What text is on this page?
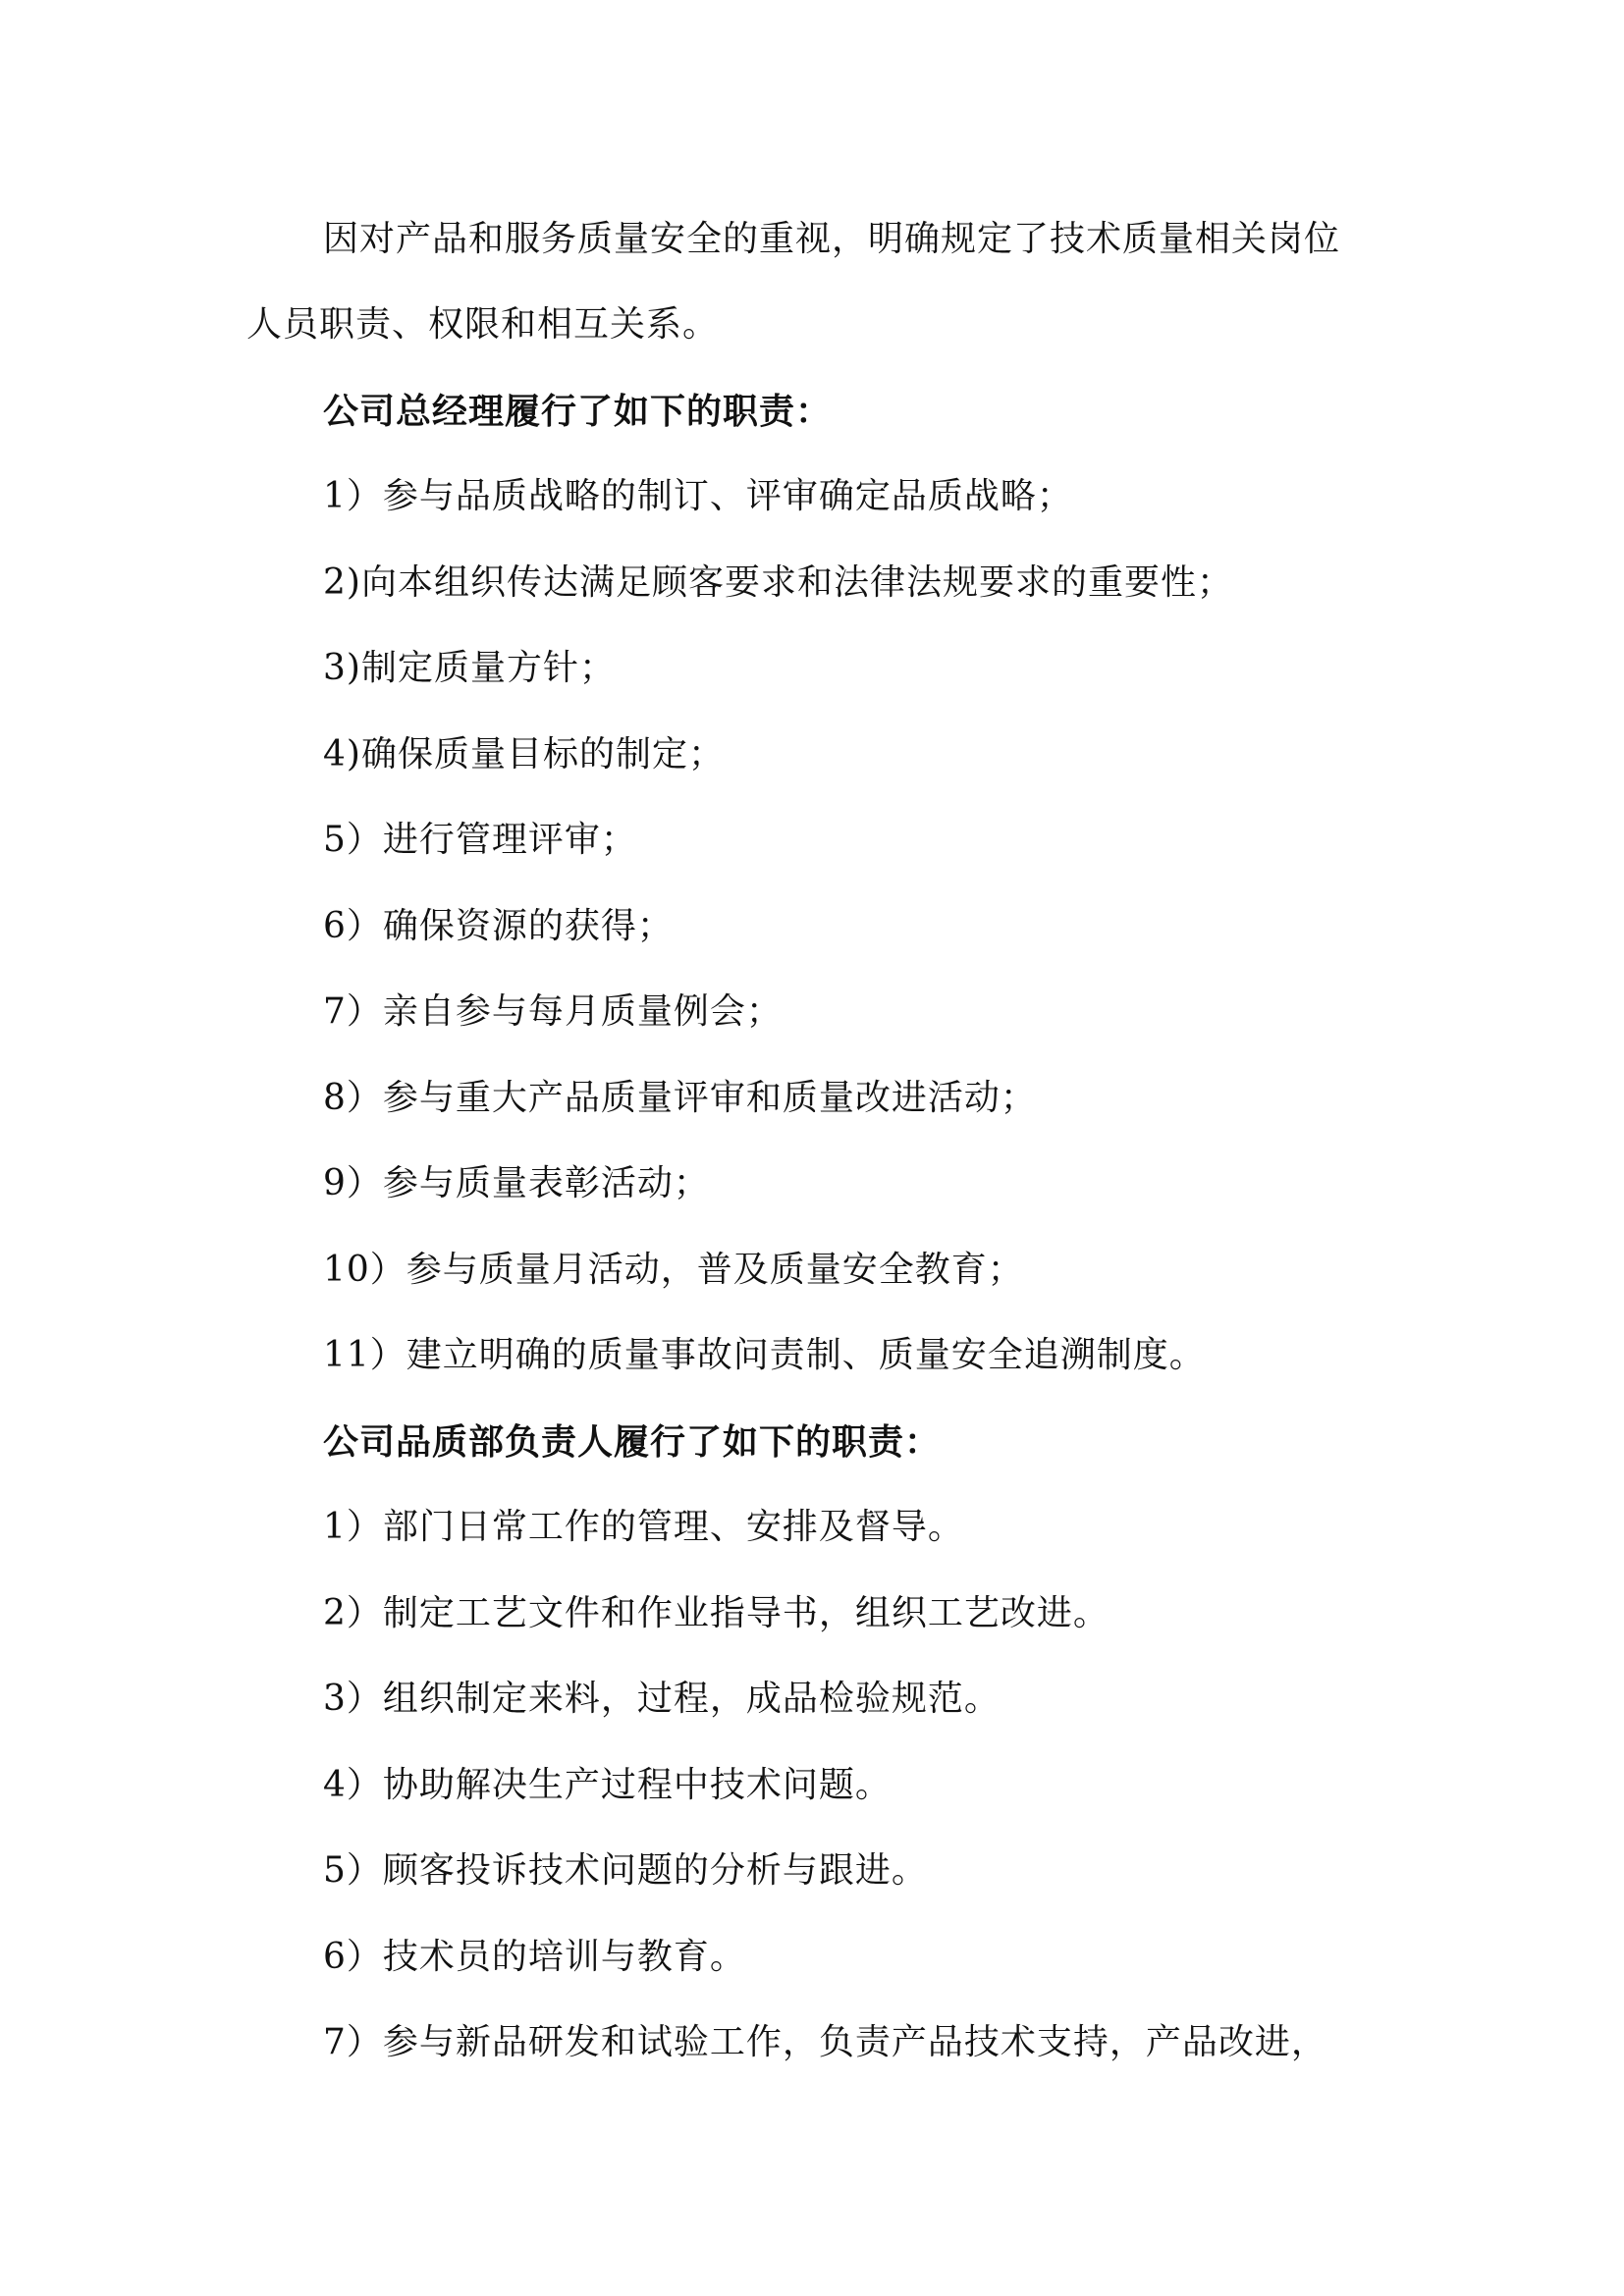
因对产品和服务质量安全的重视，明确规定了技术质量相关岗位
人员职责、权限和相互关系。
公司总经理履行了如下的职责：
1）参与品质战略的制订、评审确定品质战略；
2)向本组织传达满足顾客要求和法律法规要求的重要性；
3)制定质量方针；
4)确保质量目标的制定；
5）进行管理评审；
6）确保资源的获得；
7）亲自参与每月质量例会；
8）参与重大产品质量评审和质量改进活动；
9）参与质量表彰活动；
10）参与质量月活动，普及质量安全教育；
11）建立明确的质量事故问责制、质量安全追溯制度。
公司品质部负责人履行了如下的职责：
1）部门日常工作的管理、安排及督导。
2）制定工艺文件和作业指导书，组织工艺改进。
3）组织制定来料，过程，成品检验规范。
4）协助解决生产过程中技术问题。
5）顾客投诉技术问题的分析与跟进。
6）技术员的培训与教育。
7）参与新品研发和试验工作，负责产品技术支持，产品改进，
